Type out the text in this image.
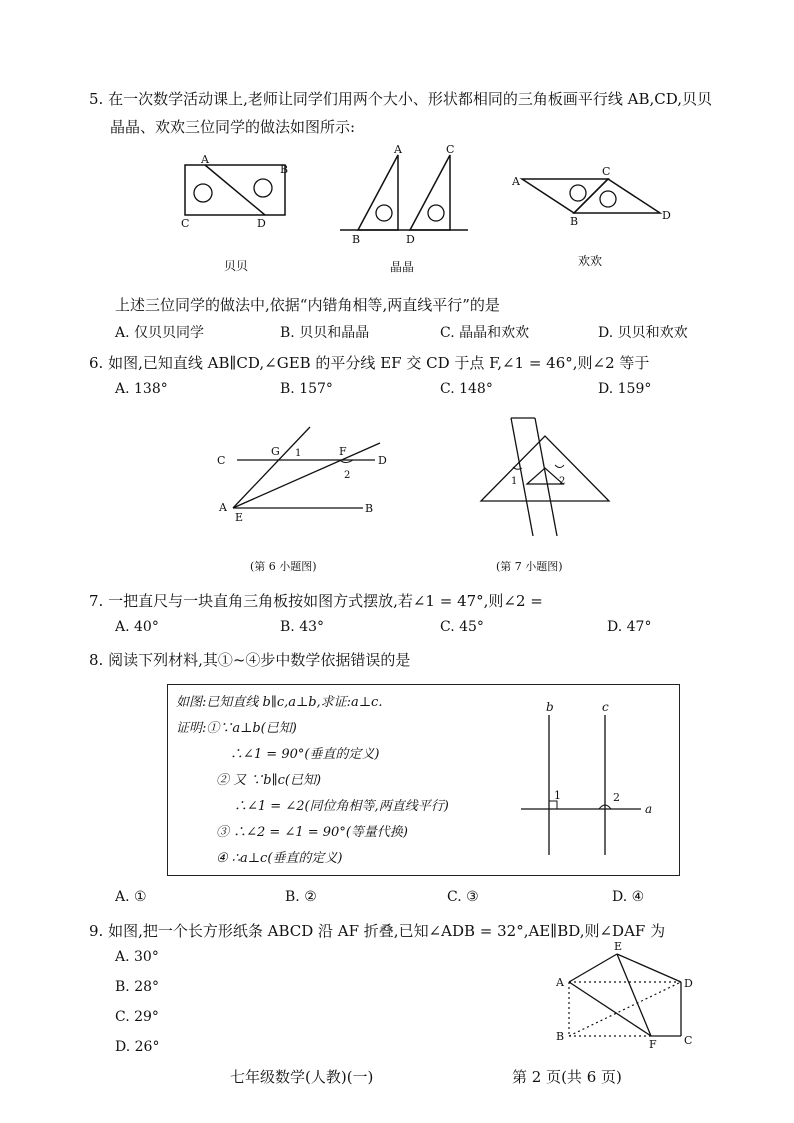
5. 在一次数学活动课上,老师让同学们用两个大小、形状都相同的三角板画平行线 AB,CD,贝贝
晶晶、欢欢三位同学的做法如图所示:
A
B
C	D
贝贝
A	C
B	D
晶晶
A
C
B	D
欢欢
上述三位同学的做法中,依据“内错角相等,两直线平行”的是
A. 仅贝贝同学	B. 贝贝和晶晶	C. 晶晶和欢欢	D. 贝贝和欢欢
6. 如图,已知直线 AB∥CD,∠GEB 的平分线 EF 交 CD 于点 F,∠1 = 46°,则∠2 等于
A. 138°	B. 157°	C. 148°	D. 159°
C	D
G 1	F
2
A
E
B
(第 6 小题图)
1	2
(第 7 小题图)
7. 一把直尺与一块直角三角板按如图方式摆放,若∠1 = 47°,则∠2 =
A. 40°	B. 43°	C. 45°	D. 47°
8. 阅读下列材料,其①~④步中数学依据错误的是
如图:已知直线 b∥c,a⊥b,求证:a⊥c.
证明:①∵a⊥b(已知)
∴∠1 = 90°(垂直的定义)
② 又 ∵b∥c(已知)
∴∠1 = ∠2(同位角相等,两直线平行)
③ ∴∠2 = ∠1 = 90°(等量代换)
④ ∴a⊥c(垂直的定义)
b	c
1	2
a
A. ①	B. ②	C. ③	D. ④
9. 如图,把一个长方形纸条 ABCD 沿 AF 折叠,已知∠ADB = 32°,AE∥BD,则∠DAF 为
A. 30°
B. 28°
C. 29°
D. 26°
A
E
D
B
F C
七年级数学(人教)(一)	第 2 页(共 6 页)
